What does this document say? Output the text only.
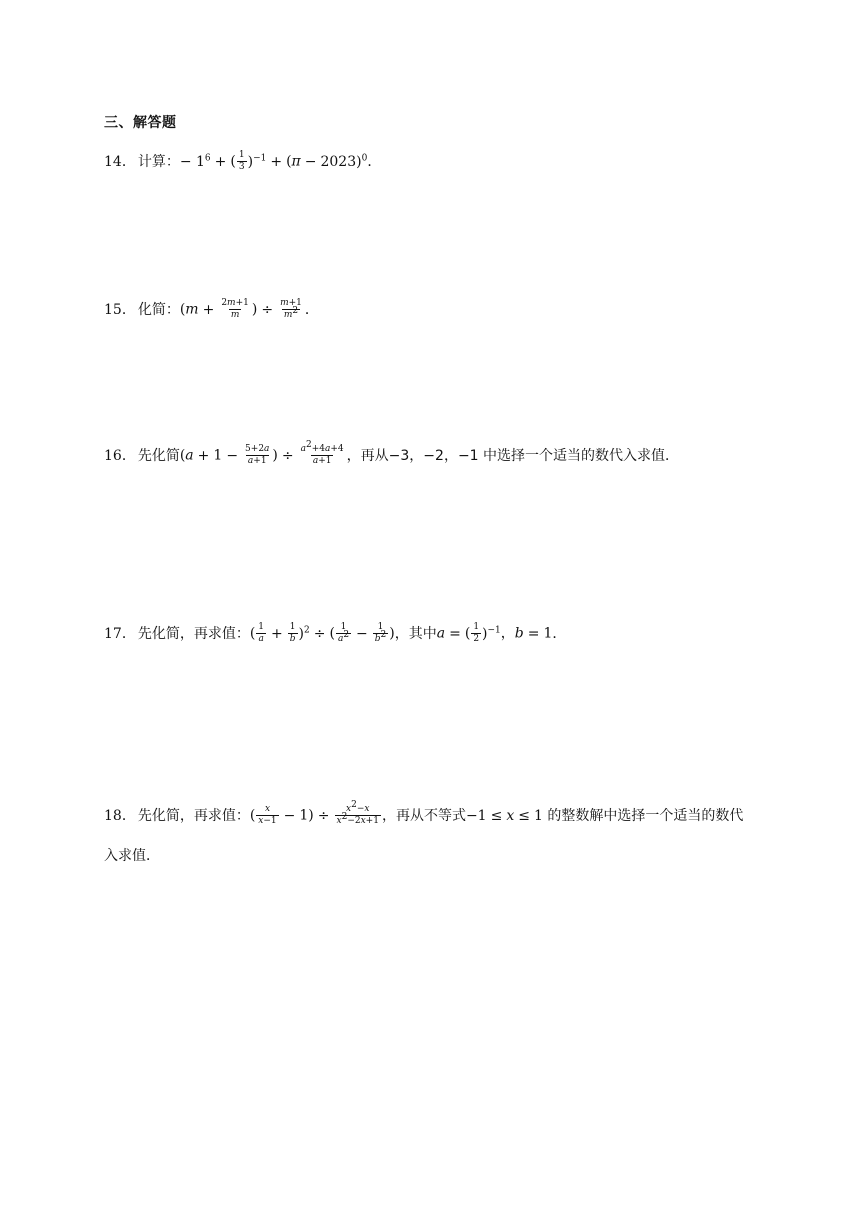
三、解答题
14． 计算： − $1^6$ + ( $\frac{1}{3} )^{-1} + (\pi - 2023)^0$ ．
15． 化简： ($m + \frac{2m+1}{m}$ ) ÷ $\frac{m+1}{m^2}$ ．
16． 先化简 ($a + 1 - \frac{5+2a}{a+1}$ ) ÷ $\frac{a^2+4a+4}{a+1}$ ，再从−3，−2，−1 中选择一个适当的数代入求值．
17． 先化简，再求值： ( $\frac{1}{a} + \frac{1}{b} )^2$ ÷ ( $\frac{1}{a^2} - \frac{1}{b^2}$ ) ，其中 a = ( $\frac{1}{2} )^{-1}$，b = 1 ．
18． 先化简，再求值： ( $\frac{x}{x-1} - 1) \div \frac{x^2-x}{x^2-2x+1}$ ，再从不等式 −1 ≤ x ≤ 1 的整数解中选择一个适当的数代
入求值．
